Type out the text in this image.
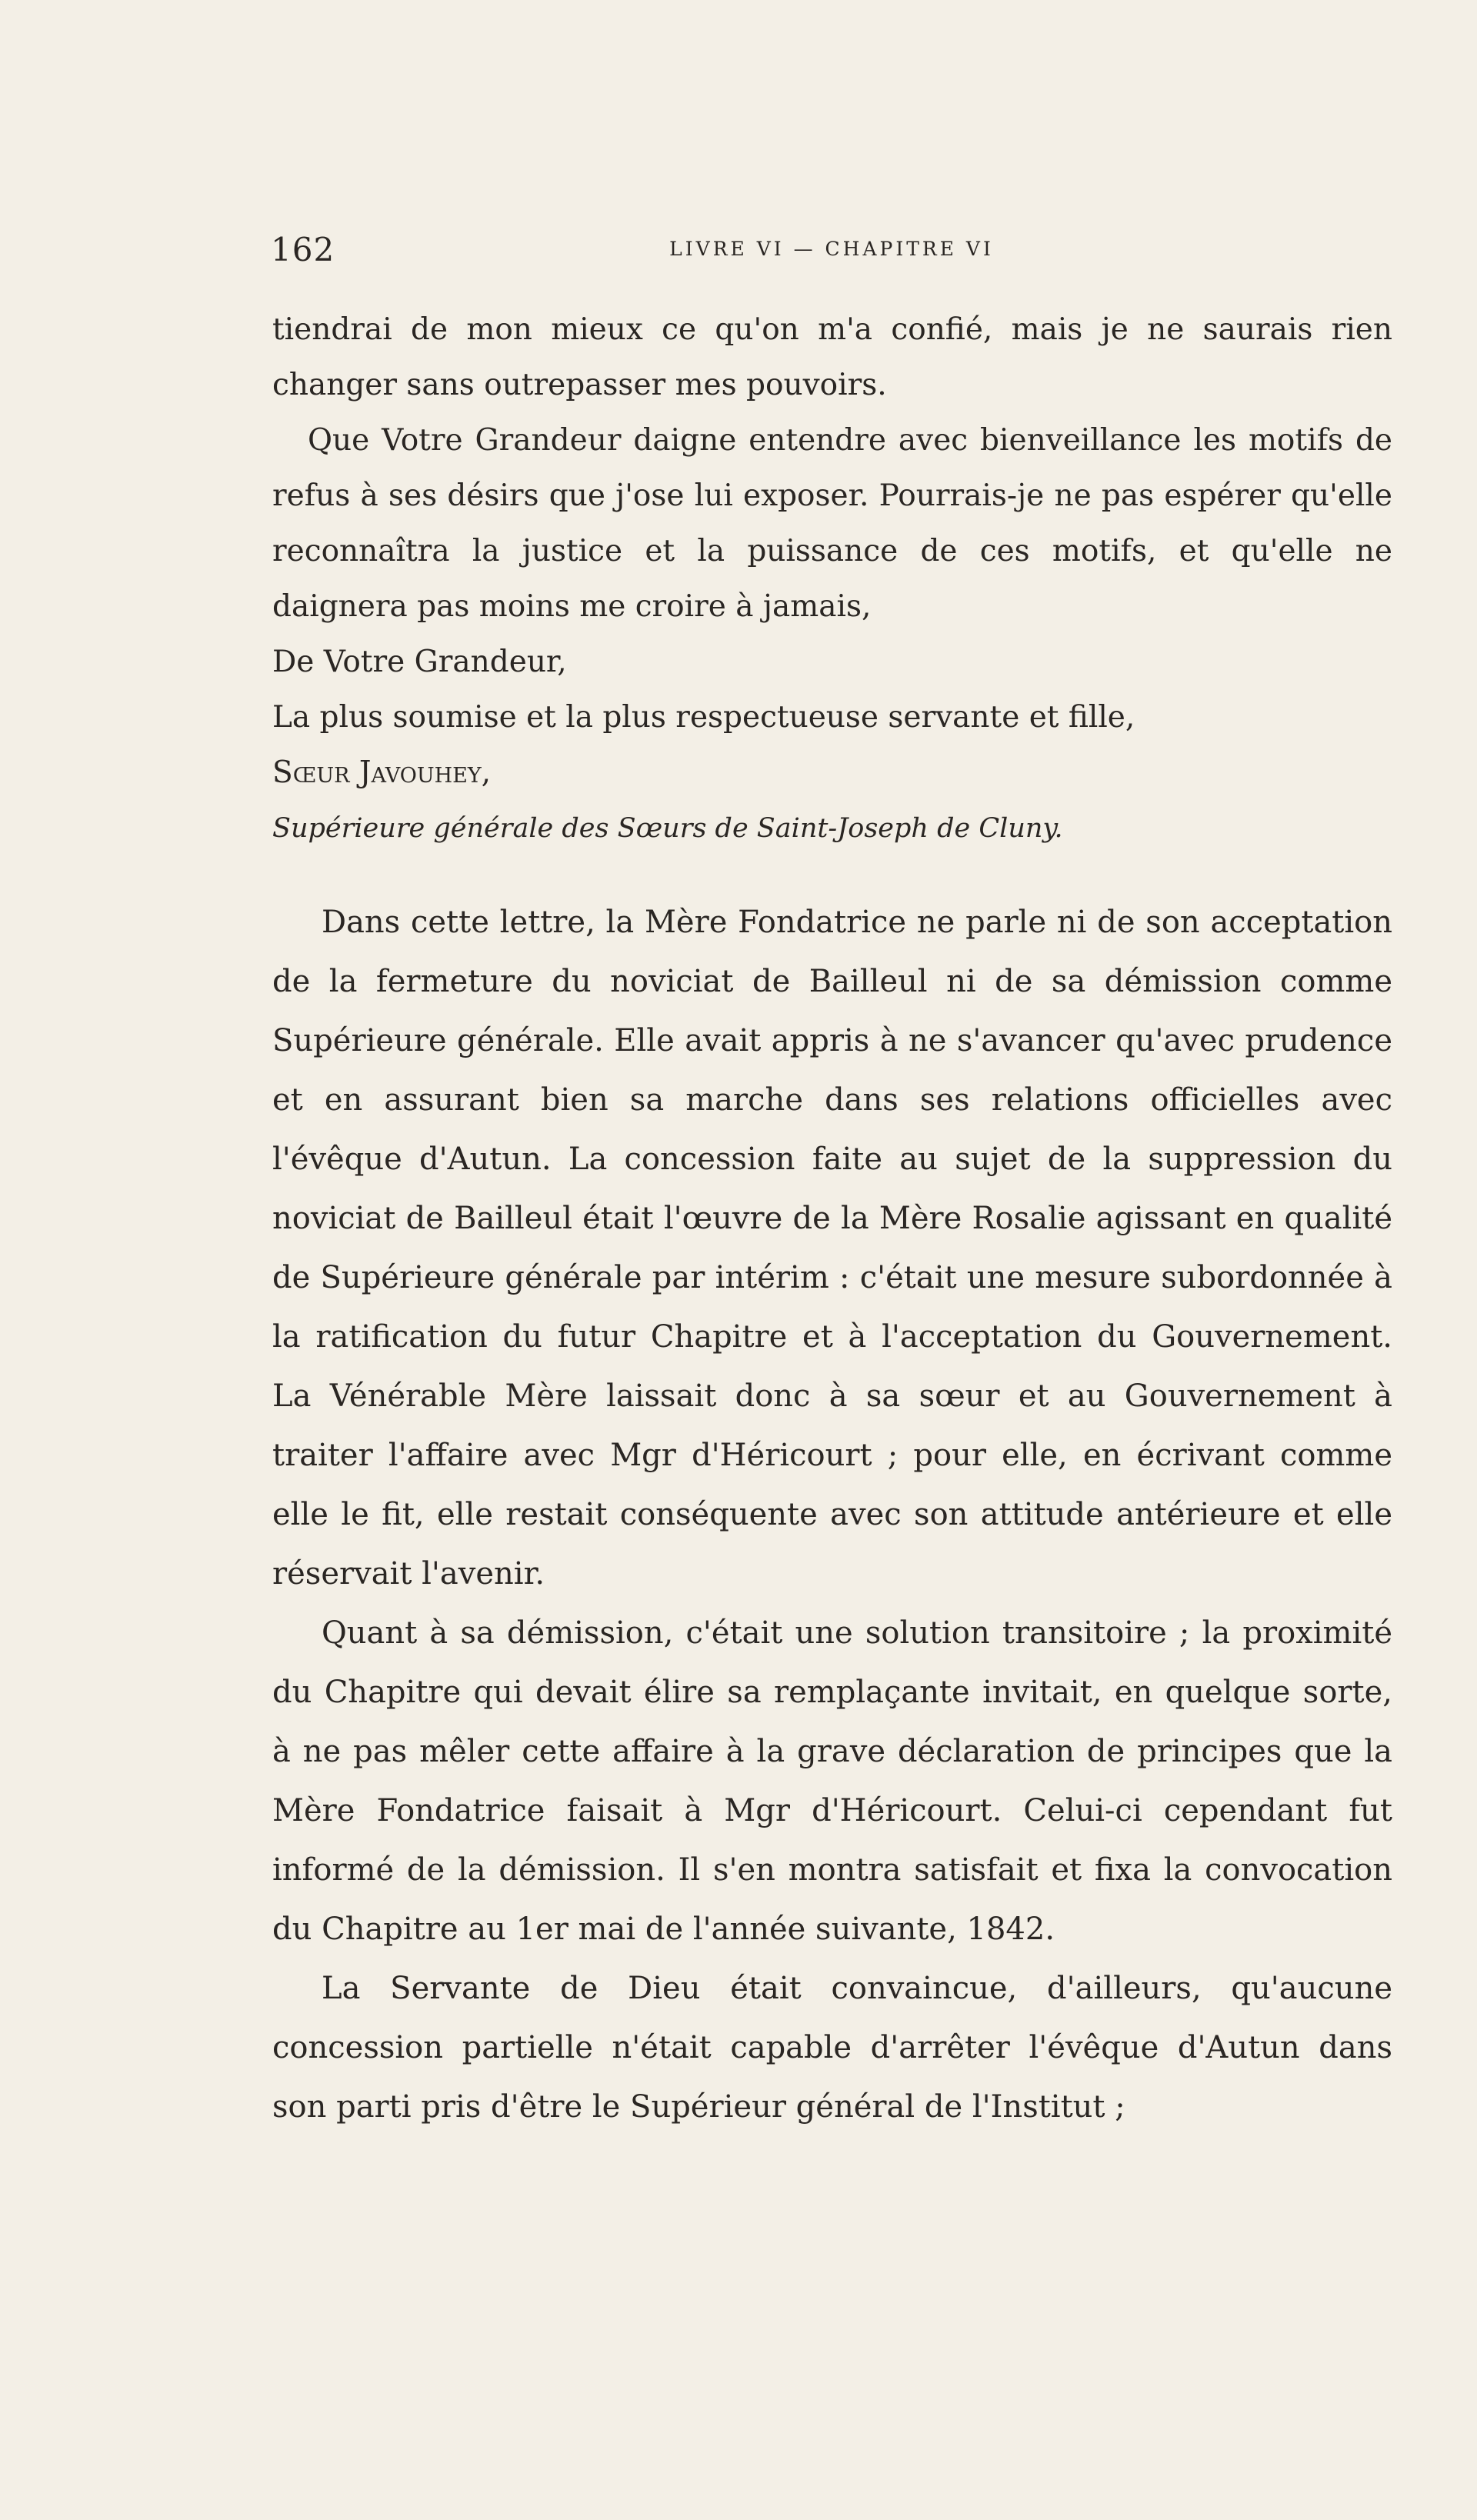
162	LIVRE VI — CHAPITRE VI

tiendrai de mon mieux ce qu'on m'a confié, mais je ne saurais rien changer sans outrepasser mes pouvoirs.

Que Votre Grandeur daigne entendre avec bienveillance les motifs de refus à ses désirs que j'ose lui exposer. Pourrais-je ne pas espérer qu'elle reconnaîtra la justice et la puissance de ces motifs, et qu'elle ne daignera pas moins me croire à jamais,

De Votre Grandeur,

La plus soumise et la plus respectueuse servante et fille,

Sœur Javouhey,

Supérieure générale des Sœurs de Saint-Joseph de Cluny.

Dans cette lettre, la Mère Fondatrice ne parle ni de son acceptation de la fermeture du noviciat de Bailleul ni de sa démission comme Supérieure générale. Elle avait appris à ne s'avancer qu'avec prudence et en assurant bien sa marche dans ses relations officielles avec l'évêque d'Autun. La concession faite au sujet de la suppression du noviciat de Bailleul était l'œuvre de la Mère Rosalie agissant en qualité de Supérieure générale par intérim : c'était une mesure subordonnée à la ratification du futur Chapitre et à l'acceptation du Gouvernement. La Vénérable Mère laissait donc à sa sœur et au Gouvernement à traiter l'affaire avec Mgr d'Héricourt ; pour elle, en écrivant comme elle le fit, elle restait conséquente avec son attitude antérieure et elle réservait l'avenir.

Quant à sa démission, c'était une solution transitoire ; la proximité du Chapitre qui devait élire sa remplaçante invitait, en quelque sorte, à ne pas mêler cette affaire à la grave déclaration de principes que la Mère Fondatrice faisait à Mgr d'Héricourt. Celui-ci cependant fut informé de la démission. Il s'en montra satisfait et fixa la convocation du Chapitre au 1er mai de l'année suivante, 1842.

La Servante de Dieu était convaincue, d'ailleurs, qu'aucune concession partielle n'était capable d'arrêter l'évêque d'Autun dans son parti pris d'être le Supérieur général de l'Institut ;
